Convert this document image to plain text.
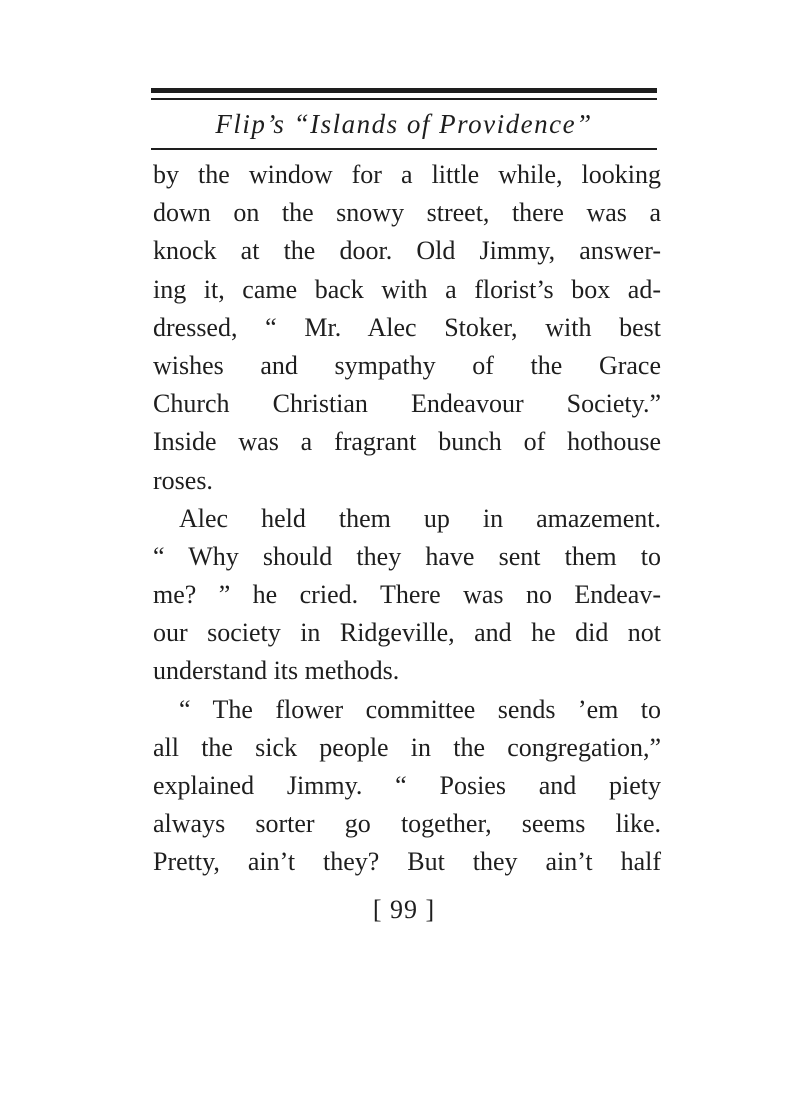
Flip’s “Islands of Providence”
by the window for a little while, looking
down on the snowy street, there was a
knock at the door. Old Jimmy, answer-
ing it, came back with a florist’s box ad-
dressed, “ Mr. Alec Stoker, with best
wishes and sympathy of the Grace
Church Christian Endeavour Society.”
Inside was a fragrant bunch of hothouse
roses.
Alec held them up in amazement.
“ Why should they have sent them to
me? ” he cried. There was no Endeav-
our society in Ridgeville, and he did not
understand its methods.
“ The flower committee sends ’em to
all the sick people in the congregation,”
explained Jimmy. “ Posies and piety
always sorter go together, seems like.
Pretty, ain’t they? But they ain’t half
[ 99 ]
